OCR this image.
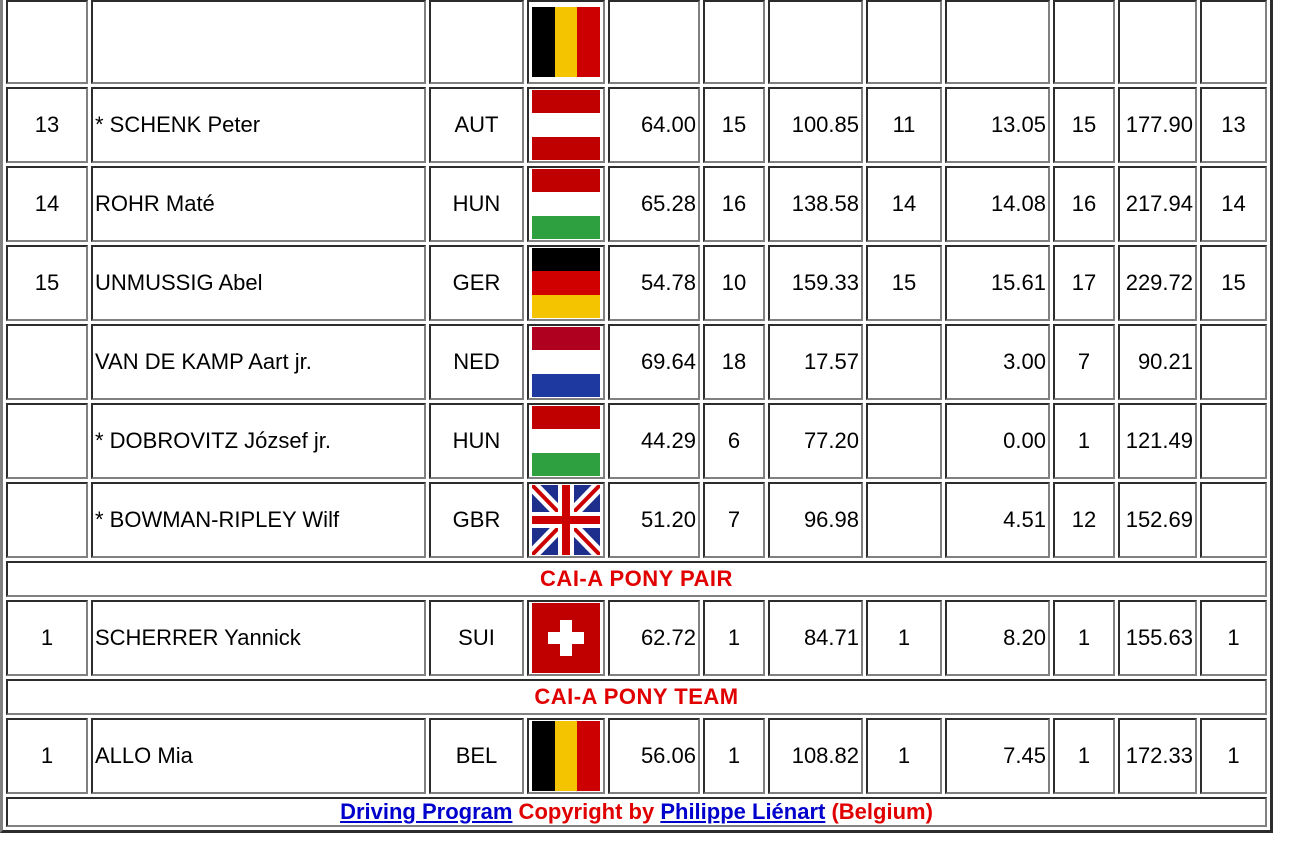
13	* SCHENK Peter	AUT		64.00	15	100.85	11	13.05	15	177.90	13
14	ROHR Maté	HUN		65.28	16	138.58	14	14.08	16	217.94	14
15	UNMUSSIG Abel	GER		54.78	10	159.33	15	15.61	17	229.72	15
	VAN DE KAMP Aart jr.	NED		69.64	18	17.57		3.00	7	90.21	
	* DOBROVITZ József jr.	HUN		44.29	6	77.20		0.00	1	121.49	
	* BOWMAN-RIPLEY Wilf	GBR		51.20	7	96.98		4.51	12	152.69	
CAI-A PONY PAIR											
1	SCHERRER Yannick	SUI		62.72	1	84.71	1	8.20	1	155.63	1
CAI-A PONY TEAM											
1	ALLO Mia	BEL		56.06	1	108.82	1	7.45	1	172.33	1
Driving Program Copyright by Philippe Liénart (Belgium)											
